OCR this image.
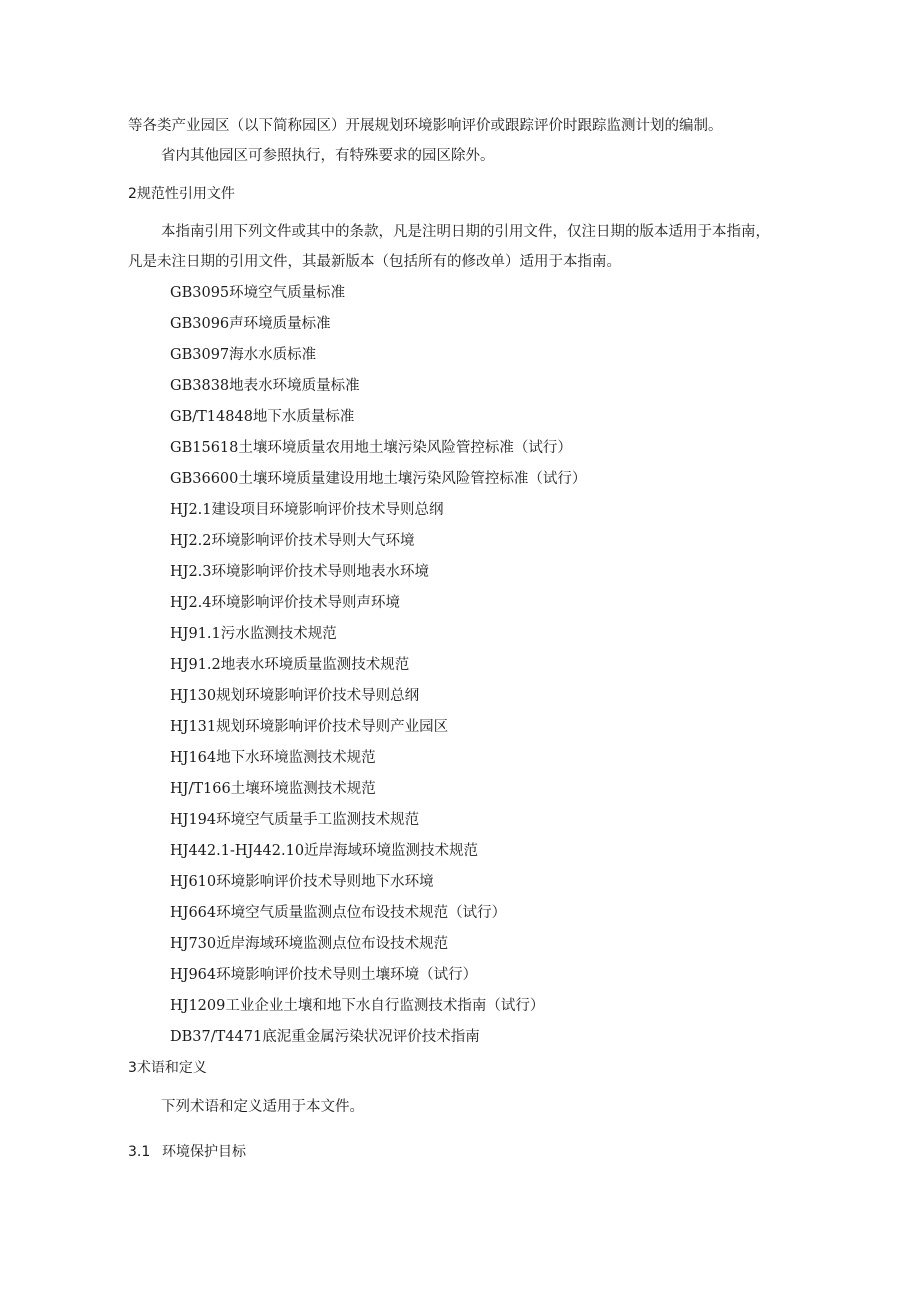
等各类产业园区（以下简称园区）开展规划环境影响评价或跟踪评价时跟踪监测计划的编制。
省内其他园区可参照执行，有特殊要求的园区除外。
2规范性引用文件
本指南引用下列文件或其中的条款，凡是注明日期的引用文件，仅注日期的版本适用于本指南，
凡是未注日期的引用文件，其最新版本（包括所有的修改单）适用于本指南。
GB3095环境空气质量标准
GB3096声环境质量标准
GB3097海水水质标准
GB3838地表水环境质量标准
GB/T14848地下水质量标准
GB15618土壤环境质量农用地土壤污染风险管控标准（试行）
GB36600土壤环境质量建设用地土壤污染风险管控标准（试行）
HJ2.1建设项目环境影响评价技术导则总纲
HJ2.2环境影响评价技术导则大气环境
HJ2.3环境影响评价技术导则地表水环境
HJ2.4环境影响评价技术导则声环境
HJ91.1污水监测技术规范
HJ91.2地表水环境质量监测技术规范
HJ130规划环境影响评价技术导则总纲
HJ131规划环境影响评价技术导则产业园区
HJ164地下水环境监测技术规范
HJ/T166土壤环境监测技术规范
HJ194环境空气质量手工监测技术规范
HJ442.1-HJ442.10近岸海域环境监测技术规范
HJ610环境影响评价技术导则地下水环境
HJ664环境空气质量监测点位布设技术规范（试行）
HJ730近岸海域环境监测点位布设技术规范
HJ964环境影响评价技术导则土壤环境（试行）
HJ1209工业企业土壤和地下水自行监测技术指南（试行）
DB37/T4471底泥重金属污染状况评价技术指南
3术语和定义
下列术语和定义适用于本文件。
3.1 环境保护目标
